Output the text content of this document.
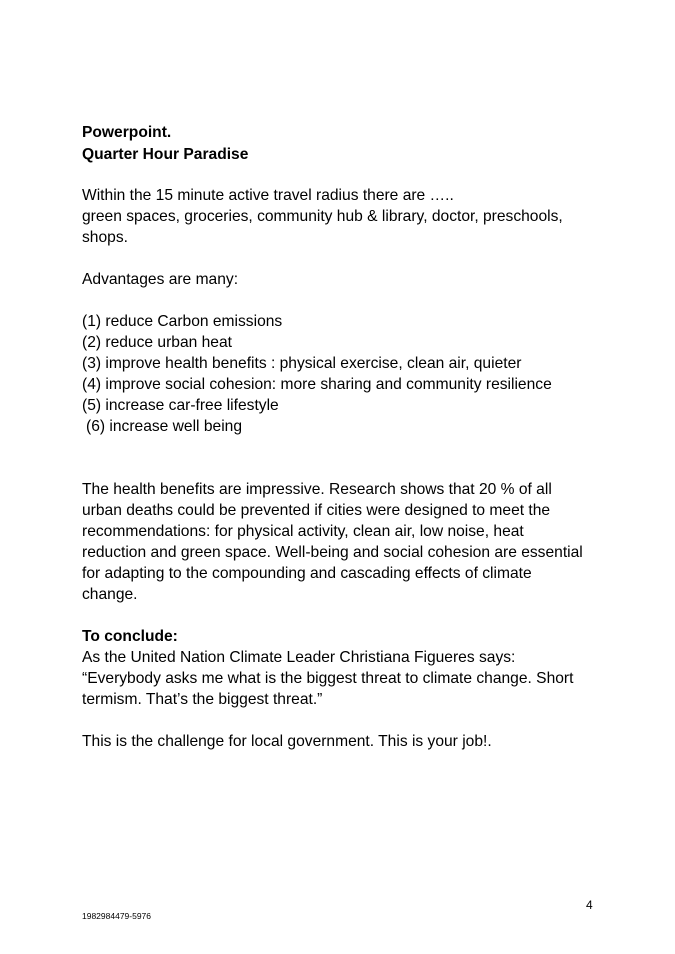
Powerpoint.
Quarter Hour Paradise
Within the 15 minute active travel radius there are …..
green spaces, groceries, community hub & library, doctor, preschools,
shops.
Advantages are many:
(1) reduce Carbon emissions
(2) reduce urban heat
(3) improve health benefits : physical exercise, clean air, quieter
(4) improve social cohesion: more sharing and community resilience
(5) increase car-free lifestyle
(6) increase well being
The health benefits are impressive. Research shows that 20 % of all
urban deaths could be prevented if cities were designed to meet the
recommendations: for physical activity, clean air, low noise, heat
reduction and green space. Well-being and social cohesion are essential
for adapting to the compounding and cascading effects of climate
change.
To conclude:
As the United Nation Climate Leader Christiana Figueres says:
“Everybody asks me what is the biggest threat to climate change. Short
termism. That’s the biggest threat.”
This is the challenge for local government. This is your job!.
4
1982984479-5976
